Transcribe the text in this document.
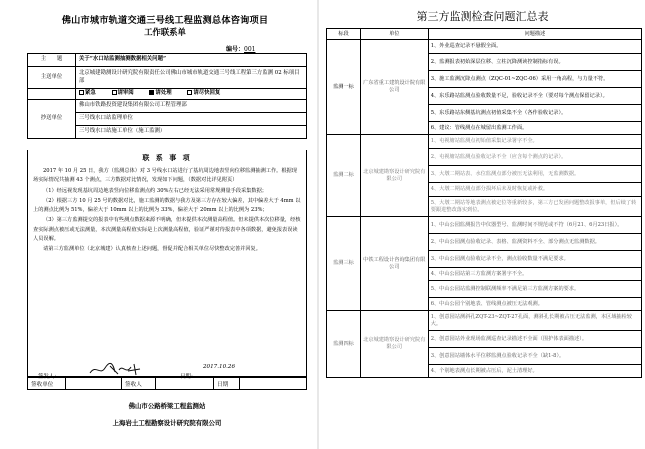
佛山市城市轨道交通三号线工程监测总体咨询项目
工作联系单
编号：001
主　　题	关于“水口站监测抽测数据相关问题”
主送单位	北京城建勘测设计研究院有限责任公司佛山市城市轨道交通三号线工程第三方监测 02 标项目部
	紧急 请审阅 请处理 请尽快回复
抄送单位	佛山市铁路投资建设集团有限公司工程管理部
	三号线水口站监理单位
	三号线水口站施工单位（施工监测）
联 系 事 项

2017 年 10 月 25 日，我方（监测总体）对 3 号线水口站进行了基坑周边地表竖向位移监测抽测工作。根据现场实际情况共抽测 43 个测点，三方数据对比情况，发现如下问题，（数据对比详见附页）

（1）经远视发现基坑周边地表竖向位移监测点约 30%左右已经无法采用常规测量手段采集数据；

（2）根据三方 10 月 25 号的数据对比，施工监测的数据与我方及第三方存在较大偏差，其中偏差大于 4mm 以上的测点比例为 51%，偏差大于 10mm 以上的比例为 33%，偏差大于 20mm 以上的比例为 23%；

（3）第三方监测提交的报表中有些测点数据来源不明确，但未提供本次测量高程值。但未提供本次位移量，经核查实际测点被压或无法测量，本次测量高程值实际是上次测量高程值，验证严谨对待报表中各项数据，避免报表误读人员误解。

请第三方监测单位（北京城建）认真核查上述问题，督促并配合相关单位尽快整改完善并回复。

签发人：	日期：
2017.10.26
签收单位		签收人		日期	
佛山市公路桥梁工程监测站
上海岩土工程勘察设计研究院有限公司
第三方监测检查问题汇总表
标段	单位	问题描述
监测一标	广东省重工建筑设计院有限公司	1、外业巡查记录不悬假全面。
		2、监测报表初始深层位移、立柱沉降测读控制指标有误。
		3、施工监测沉降点测点（ZQC-01~ZQC-06）采用一角高程，与力量不符。
		4、东乐路站监测点验收数量不足，验收记录不全（要对每个测点保留记录）。
		5、东乐路站东侧基坑测点初值采集不全（各作验收记录）。
		6、建议：管线测点在城留出监测工作面。
监测二标	北京城建勘察设计研究院有限公司	1、屯视塘站监测点初始值采集记录署字不全。
		2、屯视塘站监测点验收记录不全（应含每个测点的记录）。
		3、大墩二期站表、水位监测点部分被压无法利用，无监测数据。
		4、大墩二期站测点部分损坏后未及时恢复或补救。
		5、大墩二期站等地表测点被定位等重新较多，第三方已发函问题整改报事单，但后续了转要跟进整改落实到位。
监测三标	中铁工程设计咨询集团有限公司	1、中山公园监测报告中仪器型号、监测时间不规范或不符（6月21、6月23日报）。
		2、中山公园测点验收记录、表格、监测资料不全、部分测点无监测数据。
		3、中山公园测点验收记录不全，测点验收数量不满足要求。
		4、中山公园站第三方监测方案署字不全。
		5、中山公园站监测控制联测频率不满足第三方监测方案的要求。
		6、中山公园个别地表、管线测点被压无法观测。
监测四标	北京城建勘察设计研究院有限公司	1、创意园站测斜孔ZQT-23~ZQT-27孔面，测斜孔长期被占压无法监测，本区域抽检较大。
		2、创意园站外业现场监测巡查记录描述不全面（围护体表面描述）。
		3、创意园站墙体水平位移监测点验收记录不全（缺1-8）。
		4、个别地表测点长期被占压后，泥土清理好。
